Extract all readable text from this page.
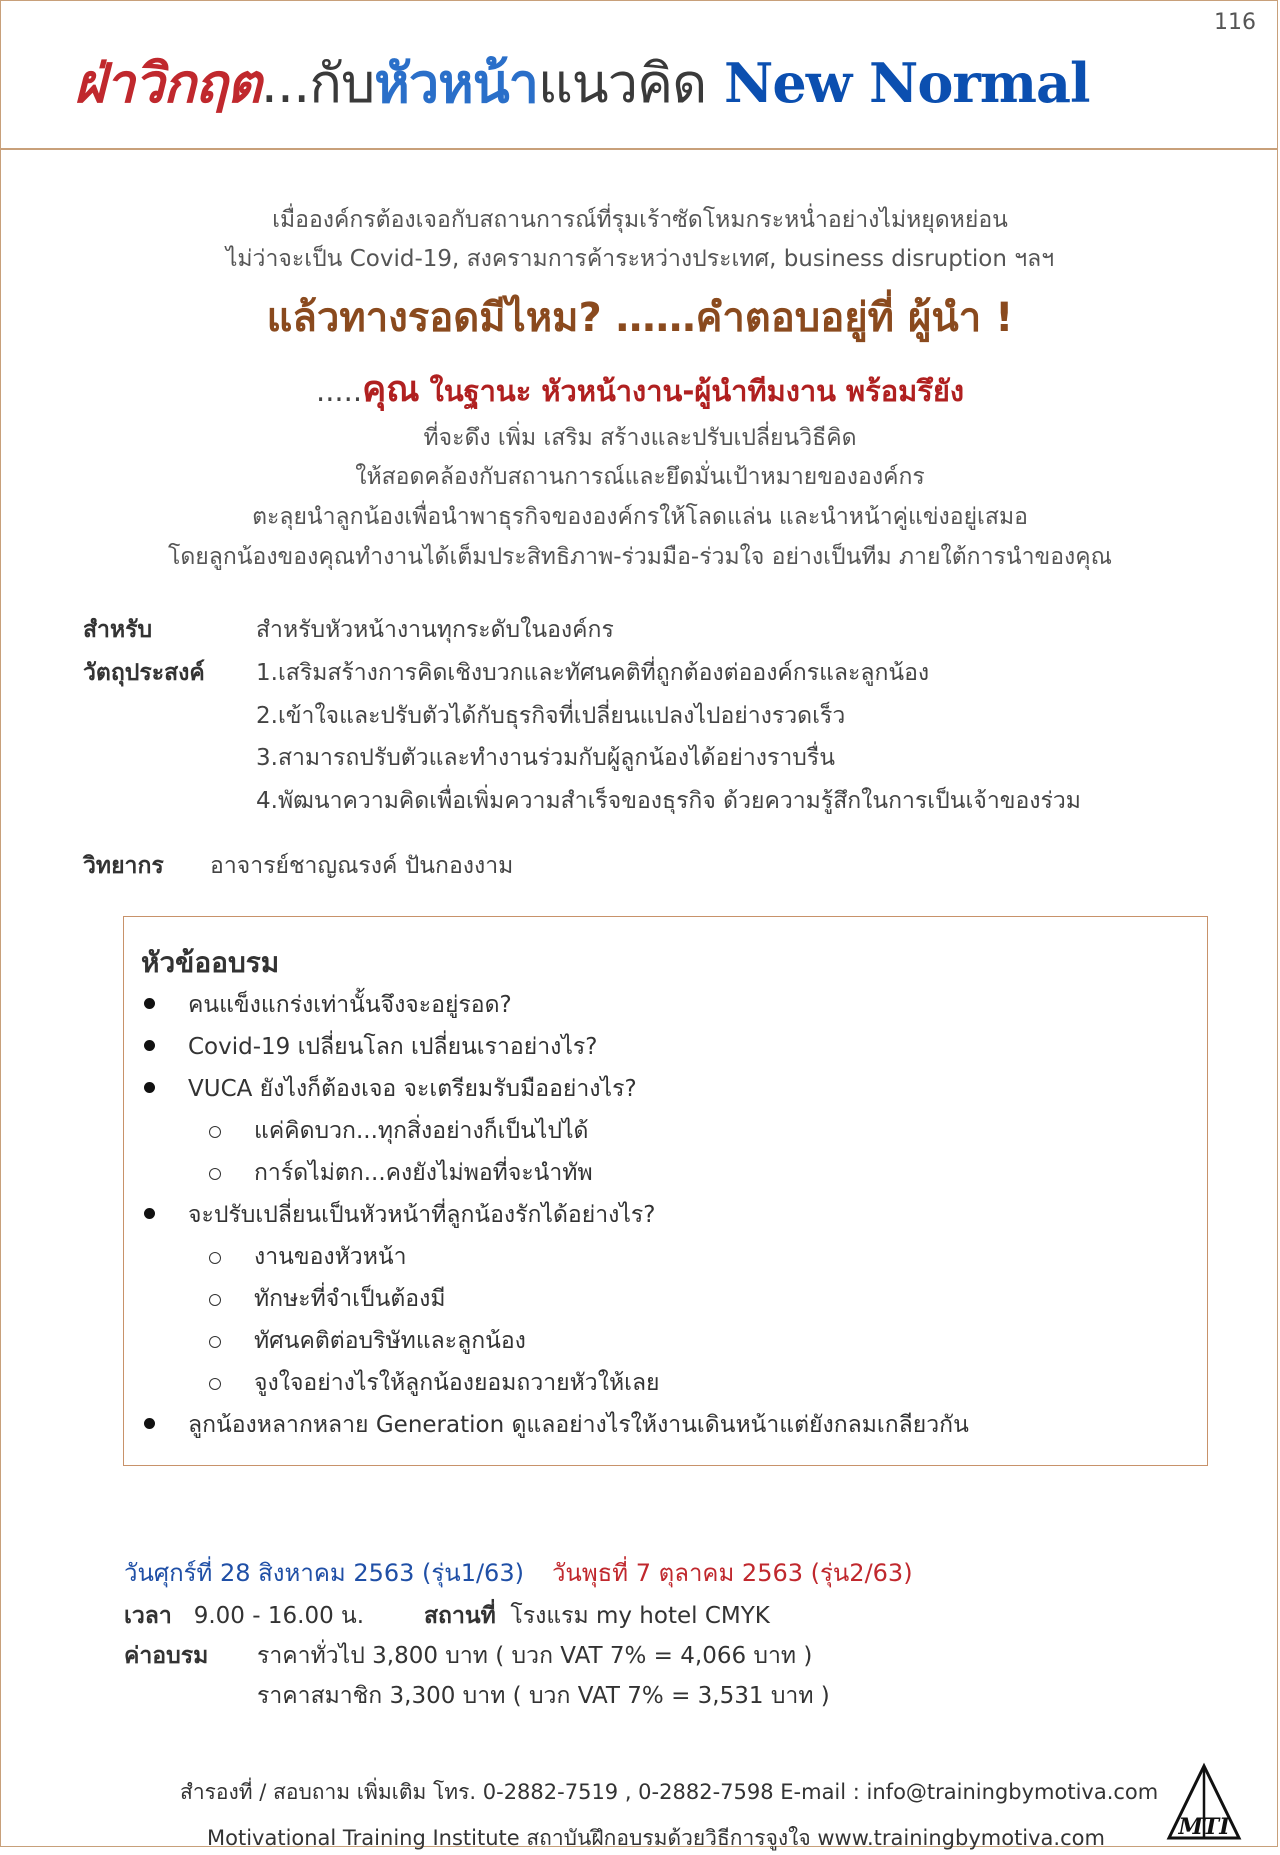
ฝ่าวิกฤต...กับหัวหน้าแนวคิด New Normal
116
เมื่อองค์กรต้องเจอกับสถานการณ์ที่รุมเร้าซัดโหมกระหน่ำอย่างไม่หยุดหย่อน
ไม่ว่าจะเป็น Covid-19, สงครามการค้าระหว่างประเทศ, business disruption ฯลฯ
แล้วทางรอดมีไหม? ……คำตอบอยู่ที่ ผู้นำ !
.....คุณ ในฐานะ หัวหน้างาน-ผู้นำทีมงาน พร้อมรึยัง
ที่จะดึง เพิ่ม เสริม สร้างและปรับเปลี่ยนวิธีคิด
ให้สอดคล้องกับสถานการณ์และยึดมั่นเป้าหมายขององค์กร
ตะลุยนำลูกน้องเพื่อนำพาธุรกิจขององค์กรให้โลดแล่น และนำหน้าคู่แข่งอยู่เสมอ
โดยลูกน้องของคุณทำงานได้เต็มประสิทธิภาพ-ร่วมมือ-ร่วมใจ อย่างเป็นทีม ภายใต้การนำของคุณ
สำหรับ	สำหรับหัวหน้างานทุกระดับในองค์กร
วัตถุประสงค์ 1.เสริมสร้างการคิดเชิงบวกและทัศนคติที่ถูกต้องต่อองค์กรและลูกน้อง
2.เข้าใจและปรับตัวได้กับธุรกิจที่เปลี่ยนแปลงไปอย่างรวดเร็ว
3.สามารถปรับตัวและทำงานร่วมกับผู้ลูกน้องได้อย่างราบรื่น
4.พัฒนาความคิดเพื่อเพิ่มความสำเร็จของธุรกิจ ด้วยความรู้สึกในการเป็นเจ้าของร่วม
วิทยากร อาจารย์ชาญณรงค์ ปันกองงาม
หัวข้ออบรม
คนแข็งแกร่งเท่านั้นจึงจะอยู่รอด?
Covid-19 เปลี่ยนโลก เปลี่ยนเราอย่างไร?
VUCA ยังไงก็ต้องเจอ จะเตรียมรับมืออย่างไร?
แค่คิดบวก...ทุกสิ่งอย่างก็เป็นไปได้
การ์ดไม่ตก...คงยังไม่พอที่จะนำทัพ
จะปรับเปลี่ยนเป็นหัวหน้าที่ลูกน้องรักได้อย่างไร?
งานของหัวหน้า
ทักษะที่จำเป็นต้องมี
ทัศนคติต่อบริษัทและลูกน้อง
จูงใจอย่างไรให้ลูกน้องยอมถวายหัวให้เลย
ลูกน้องหลากหลาย Generation ดูแลอย่างไรให้งานเดินหน้าแต่ยังกลมเกลียวกัน
วันศุกร์ที่ 28 สิงหาคม 2563 (รุ่น1/63) วันพุธที่ 7 ตุลาคม 2563 (รุ่น2/63)
เวลา 9.00 - 16.00 น.	สถานที่ โรงแรม my hotel CMYK
ค่าอบรม ราคาทั่วไป 3,800 บาท ( บวก VAT 7% = 4,066 บาท )
ราคาสมาชิก 3,300 บาท ( บวก VAT 7% = 3,531 บาท )
สำรองที่ / สอบถาม เพิ่มเติม โทร. 0-2882-7519 , 0-2882-7598 E-mail : info@trainingbymotiva.com
Motivational Training Institute สถาบันฝึกอบรมด้วยวิธีการจูงใจ www.trainingbymotiva.com	MTI
